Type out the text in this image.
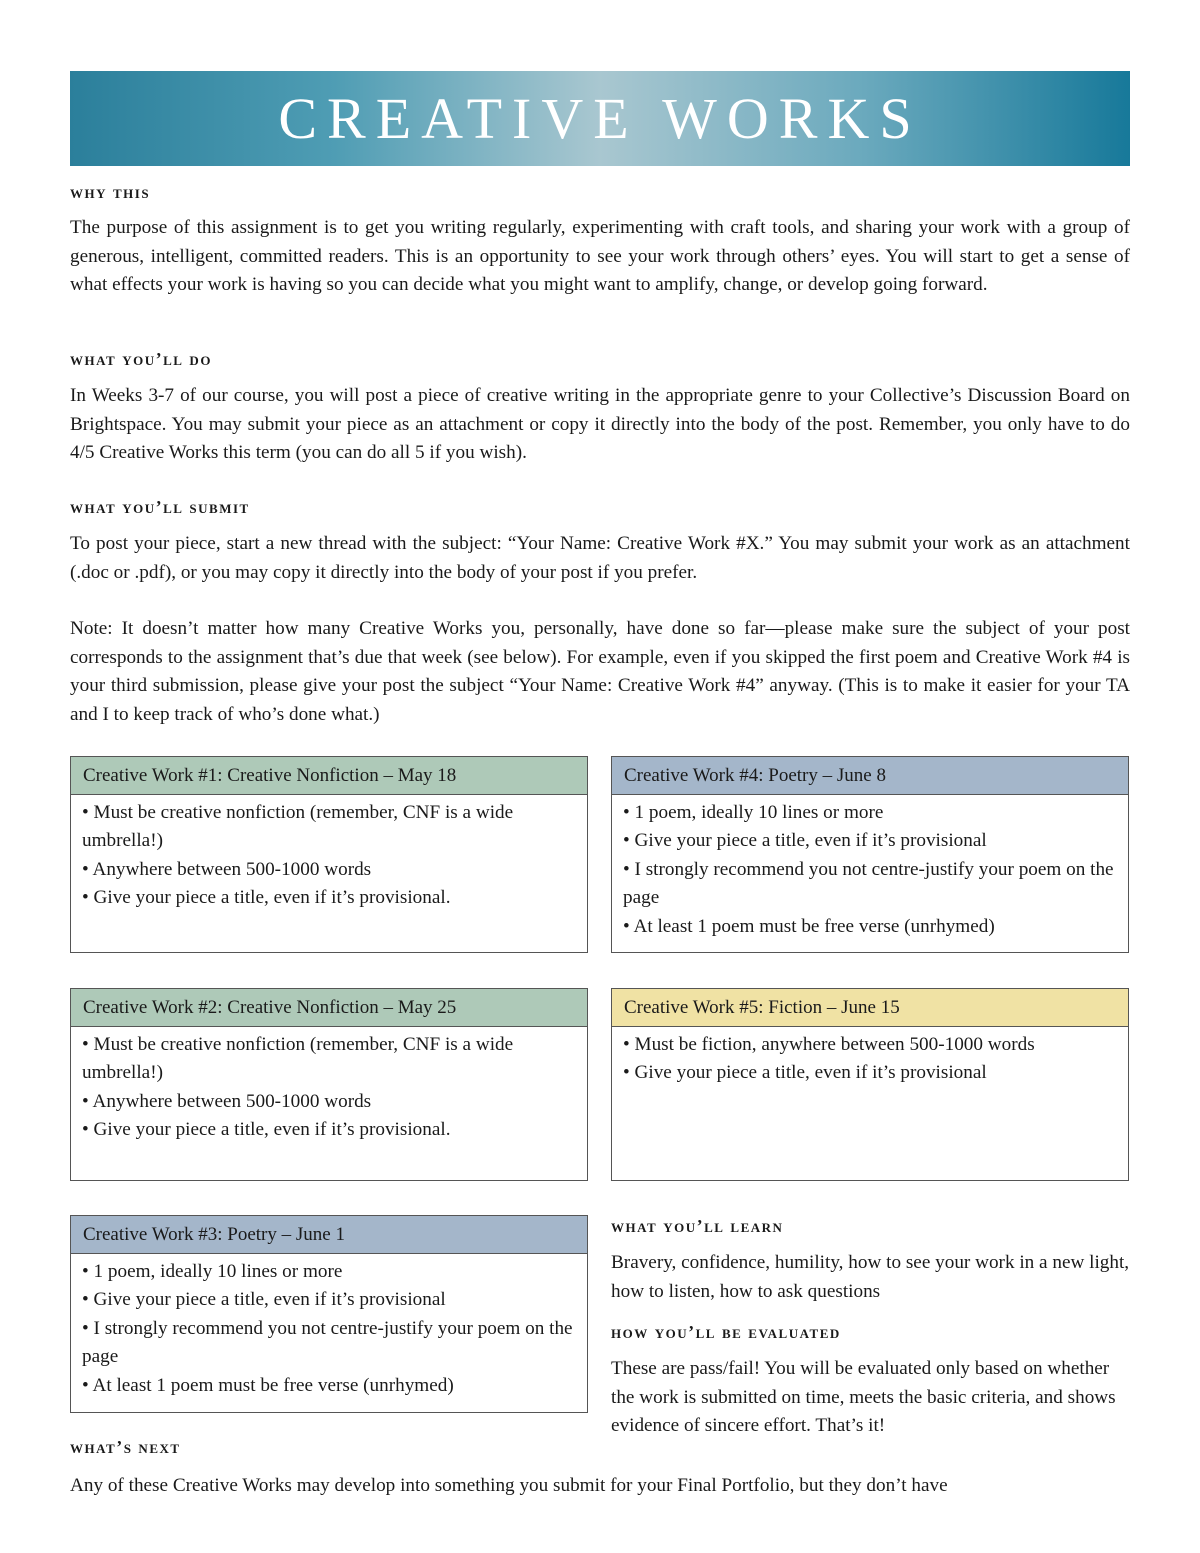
CREATIVE WORKS
why this

The purpose of this assignment is to get you writing regularly, experimenting with craft tools, and sharing your work with a group of generous, intelligent, committed readers. This is an opportunity to see your work through others’ eyes. You will start to get a sense of what effects your work is having so you can decide what you might want to amplify, change, or develop going forward.

what you’ll do

In Weeks 3-7 of our course, you will post a piece of creative writing in the appropriate genre to your Collective’s Discussion Board on Brightspace. You may submit your piece as an attachment or copy it directly into the body of the post. Remember, you only have to do 4/5 Creative Works this term (you can do all 5 if you wish).

what you’ll submit

To post your piece, start a new thread with the subject: “Your Name: Creative Work #X.” You may submit your work as an attachment (.doc or .pdf), or you may copy it directly into the body of your post if you prefer.

Note: It doesn’t matter how many Creative Works you, personally, have done so far—please make sure the subject of your post corresponds to the assignment that’s due that week (see below). For example, even if you skipped the first poem and Creative Work #4 is your third submission, please give your post the subject “Your Name: Creative Work #4” anyway. (This is to make it easier for your TA and I to keep track of who’s done what.)

Creative Work #1: Creative Nonfiction – May 18
• Must be creative nonfiction (remember, CNF is a wide umbrella!)
• Anywhere between 500-1000 words
• Give your piece a title, even if it’s provisional.
Creative Work #4: Poetry – June 8
• 1 poem, ideally 10 lines or more
• Give your piece a title, even if it’s provisional
• I strongly recommend you not centre-justify your poem on the page
• At least 1 poem must be free verse (unrhymed)
Creative Work #2: Creative Nonfiction – May 25
• Must be creative nonfiction (remember, CNF is a wide umbrella!)
• Anywhere between 500-1000 words
• Give your piece a title, even if it’s provisional.
Creative Work #5: Fiction – June 15
• Must be fiction, anywhere between 500-1000 words
• Give your piece a title, even if it’s provisional
Creative Work #3: Poetry – June 1
• 1 poem, ideally 10 lines or more
• Give your piece a title, even if it’s provisional
• I strongly recommend you not centre-justify your poem on the page
• At least 1 poem must be free verse (unrhymed)
what you’ll learn

Bravery, confidence, humility, how to see your work in a new light, how to listen, how to ask questions

how you’ll be evaluated

These are pass/fail! You will be evaluated only based on whether the work is submitted on time, meets the basic criteria, and shows evidence of sincere effort. That’s it!

what’s next

Any of these Creative Works may develop into something you submit for your Final Portfolio, but they don’t have
